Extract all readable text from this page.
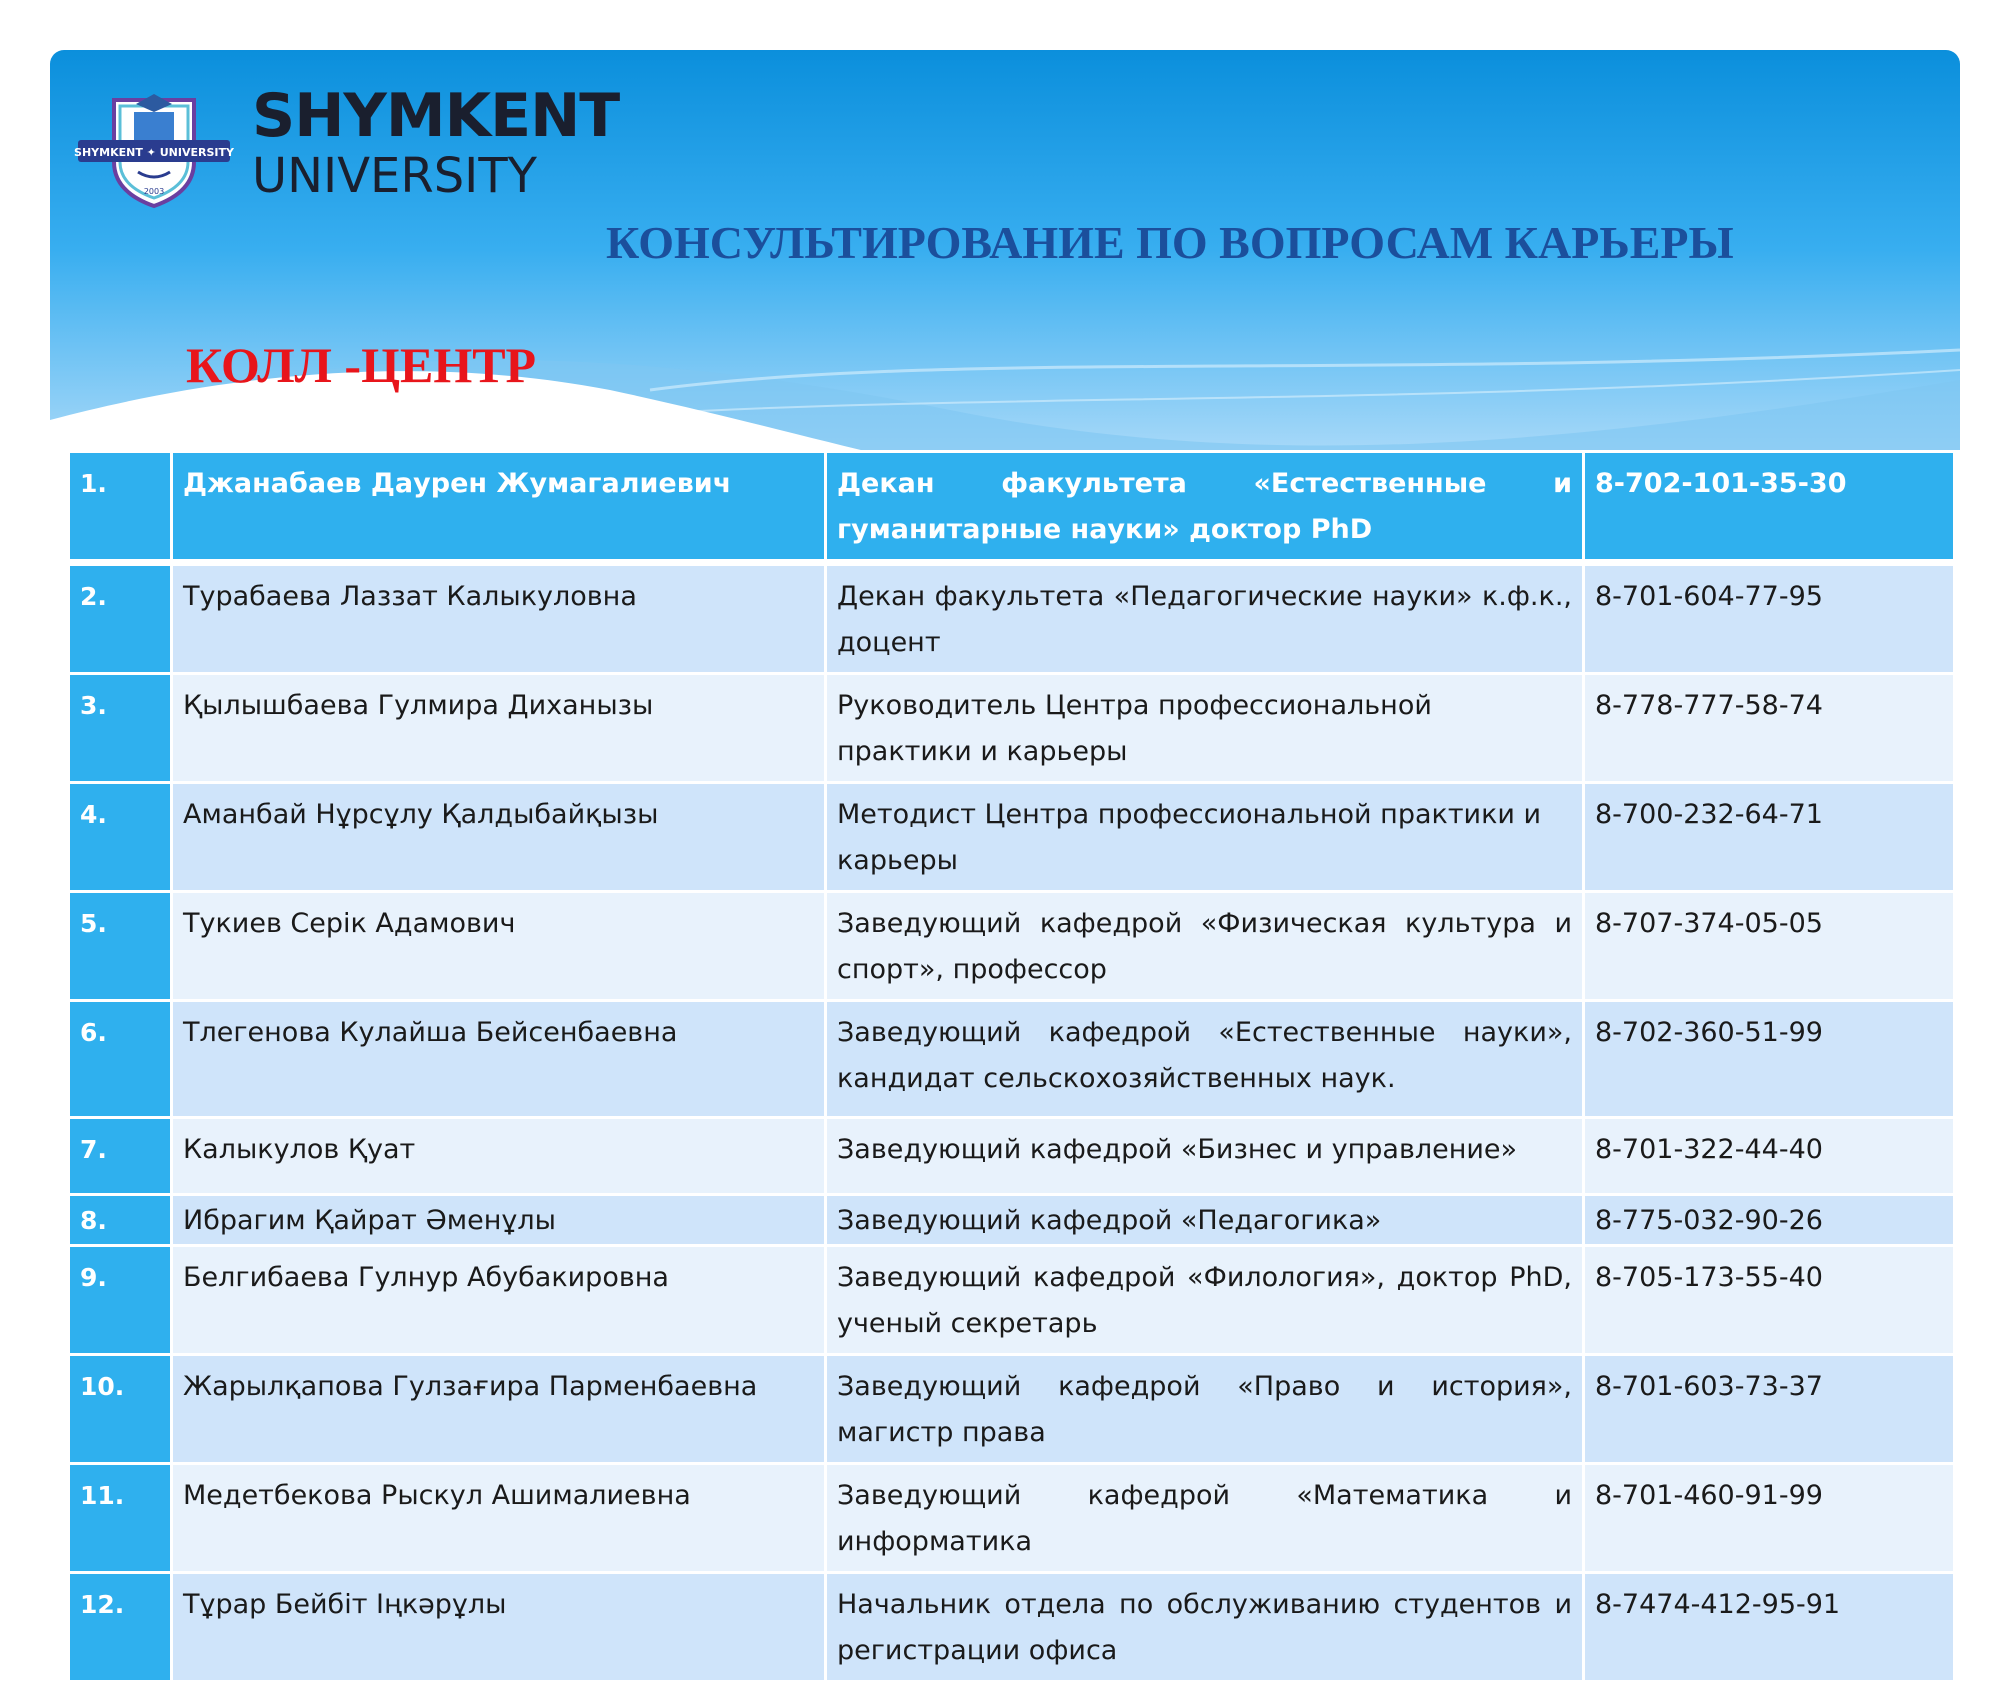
SHYMKENT ✦ UNIVERSITY
2003
SHYMKENT
UNIVERSITY
КОНСУЛЬТИРОВАНИЕ ПО ВОПРОСАМ КАРЬЕРЫ
КОЛЛ -ЦЕНТР
1.	Джанабаев Даурен Жумагалиевич	Декан факультета «Естественные и гуманитарные науки» доктор PhD	8-702-101-35-30
2.	Турабаева Лаззат Калыкуловна	Декан факультета «Педагогические науки» к.ф.к., доцент	8-701-604-77-95
3.	Қылышбаева Гулмира Диханызы	Руководитель Центра профессиональной практики и карьеры	8-778-777-58-74
4.	Аманбай Нұрсұлу Қалдыбайқызы	Методист Центра профессиональной практики и карьеры	8-700-232-64-71
5.	Тукиев Серік Адамович	Заведующий кафедрой «Физическая культура и спорт», профессор	8-707-374-05-05
6.	Тлегенова Кулайша Бейсенбаевна	Заведующий кафедрой «Естественные науки», кандидат сельскохозяйственных наук.	8-702-360-51-99
7.	Калыкулов Қуат	Заведующий кафедрой «Бизнес и управление»	8-701-322-44-40
8.	Ибрагим Қайрат Әменұлы	Заведующий кафедрой «Педагогика»	8-775-032-90-26
9.	Белгибаева Гулнур Абубакировна	Заведующий кафедрой «Филология», доктор PhD, ученый секретарь	8-705-173-55-40
10.	Жарылқапова Гулзағира Парменбаевна	Заведующий кафедрой «Право и история», магистр права	8-701-603-73-37
11.	Медетбекова Рыскул Ашималиевна	Заведующий кафедрой «Математика и информатика	8-701-460-91-99
12.	Тұрар Бейбіт Іңкәрұлы	Начальник отдела по обслуживанию студентов и регистрации офиса	8-7474-412-95-91
